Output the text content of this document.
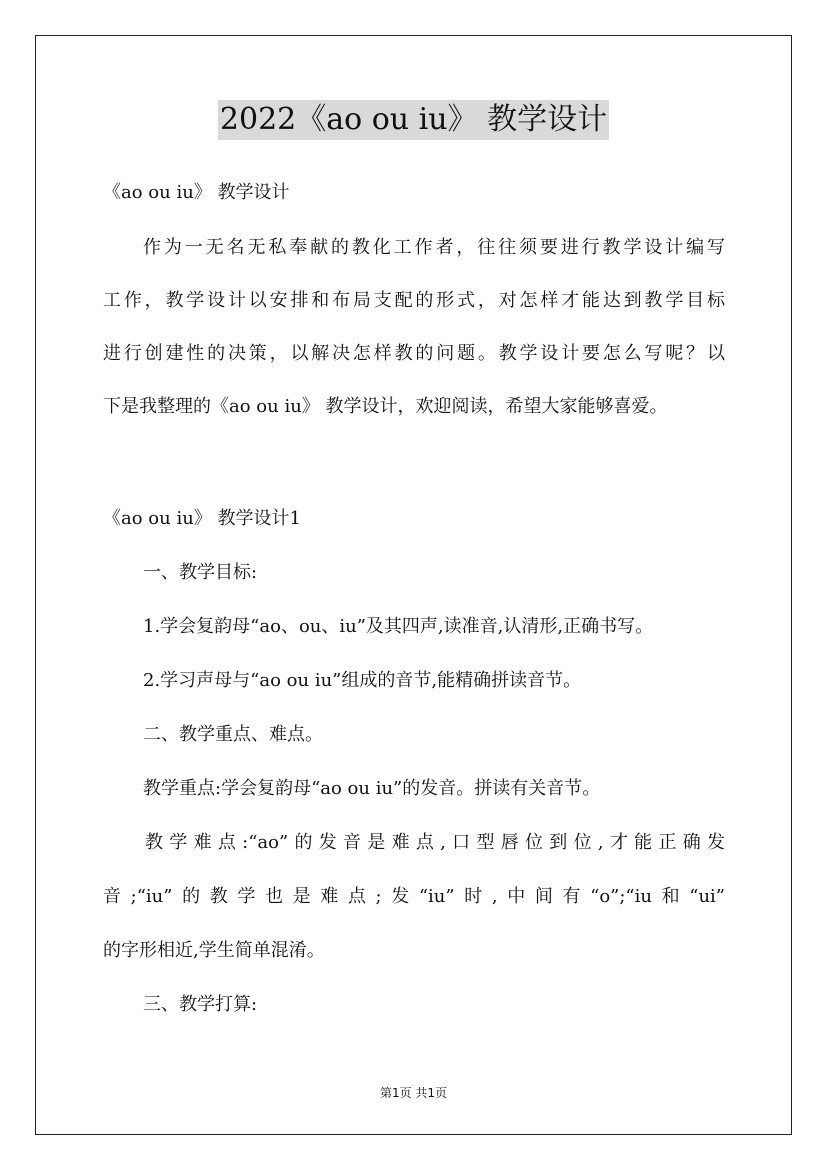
2022《ao ou iu》 教学设计
《ao ou iu》 教学设计
作为一无名无私奉献的教化工作者，往往须要进行教学设计编写
工作，教学设计以安排和布局支配的形式，对怎样才能达到教学目标
进行创建性的决策，以解决怎样教的问题。教学设计要怎么写呢？以
下是我整理的《ao ou iu》 教学设计，欢迎阅读，希望大家能够喜爱。
《ao ou iu》 教学设计1
一、教学目标:
1.学会复韵母“ao、ou、iu”及其四声,读准音,认清形,正确书写。
2.学习声母与“ao ou iu”组成的音节,能精确拼读音节。
二、教学重点、难点。
教学重点:学会复韵母“ao ou iu”的发音。拼读有关音节。
教学难点:“ao”的发音是难点,口型唇位到位,才能正确发
音;“iu”的教学也是难点;发“iu”时,中间有“o”;“iu和“ui”
的字形相近,学生简单混淆。
三、教学打算:
第1页 共1页
